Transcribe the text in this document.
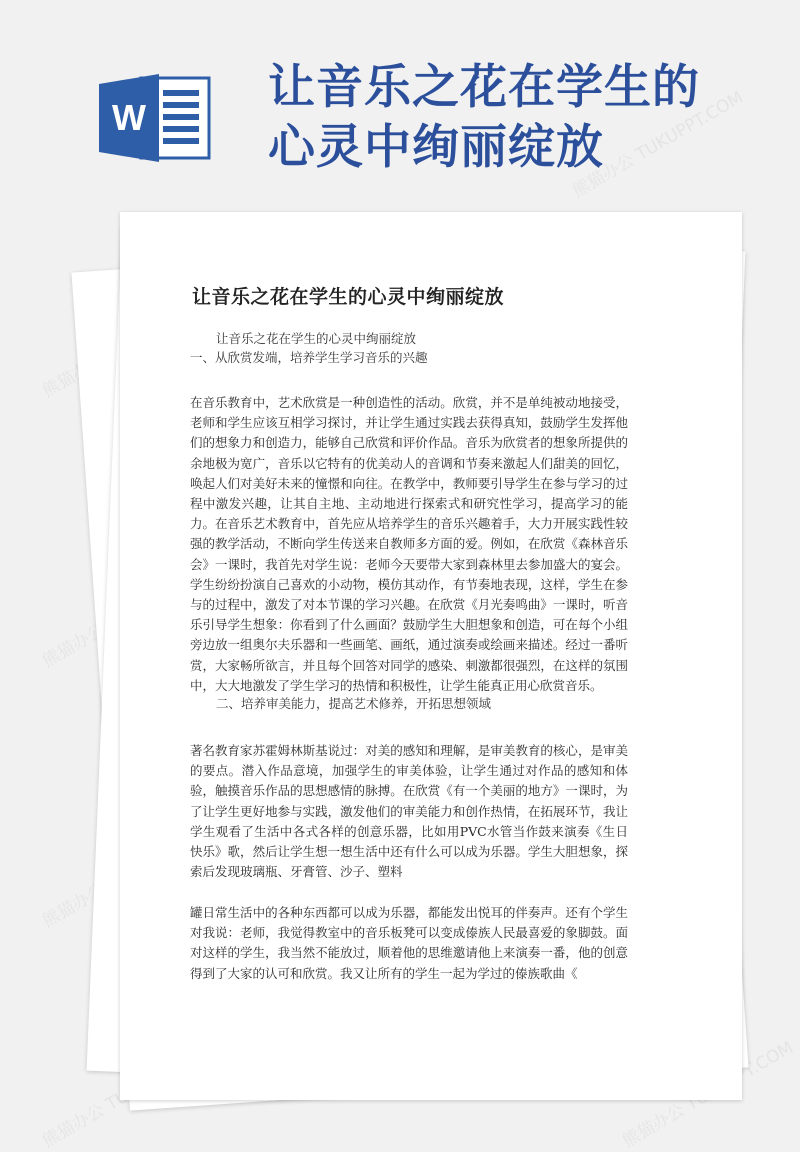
W
让音乐之花在学生的心灵中绚丽绽放
熊猫办公
熊猫办公
熊猫办公
熊猫办公
熊猫办公 TUKUPPT.COM
熊猫办公
让音乐之花在学生的心灵中绚丽绽放

让音乐之花在学生的心灵中绚丽绽放

一、从欣赏发端，培养学生学习音乐的兴趣

在音乐教育中，艺术欣赏是一种创造性的活动。欣赏，并不是单纯被动地接受，老师和学生应该互相学习探讨，并让学生通过实践去获得真知，鼓励学生发挥他们的想象力和创造力，能够自己欣赏和评价作品。音乐为欣赏者的想象所提供的余地极为宽广，音乐以它特有的优美动人的音调和节奏来激起人们甜美的回忆，唤起人们对美好未来的憧憬和向往。在教学中，教师要引导学生在参与学习的过程中激发兴趣，让其自主地、主动地进行探索式和研究性学习，提高学习的能力。在音乐艺术教育中，首先应从培养学生的音乐兴趣着手，大力开展实践性较强的教学活动，不断向学生传送来自教师多方面的爱。例如，在欣赏《森林音乐会》一课时，我首先对学生说：老师今天要带大家到森林里去参加盛大的宴会。学生纷纷扮演自己喜欢的小动物，模仿其动作，有节奏地表现，这样，学生在参与的过程中，激发了对本节课的学习兴趣。在欣赏《月光奏鸣曲》一课时，听音乐引导学生想象：你看到了什么画面？鼓励学生大胆想象和创造，可在每个小组旁边放一组奥尔夫乐器和一些画笔、画纸，通过演奏或绘画来描述。经过一番听赏，大家畅所欲言，并且每个回答对同学的感染、刺激都很强烈，在这样的氛围中，大大地激发了学生学习的热情和积极性，让学生能真正用心欣赏音乐。

二、培养审美能力，提高艺术修养，开拓思想领域

著名教育家苏霍姆林斯基说过：对美的感知和理解，是审美教育的核心，是审美的要点。潜入作品意境，加强学生的审美体验，让学生通过对作品的感知和体验，触摸音乐作品的思想感情的脉搏。在欣赏《有一个美丽的地方》一课时，为了让学生更好地参与实践，激发他们的审美能力和创作热情，在拓展环节，我让学生观看了生活中各式各样的创意乐器，比如用PVC水管当作鼓来演奏《生日快乐》歌，然后让学生想一想生活中还有什么可以成为乐器。学生大胆想象，探索后发现玻璃瓶、牙膏管、沙子、塑料

罐日常生活中的各种东西都可以成为乐器，都能发出悦耳的伴奏声。还有个学生对我说：老师，我觉得教室中的音乐板凳可以变成傣族人民最喜爱的象脚鼓。面对这样的学生，我当然不能放过，顺着他的思维邀请他上来演奏一番，他的创意得到了大家的认可和欣赏。我又让所有的学生一起为学过的傣族歌曲《
